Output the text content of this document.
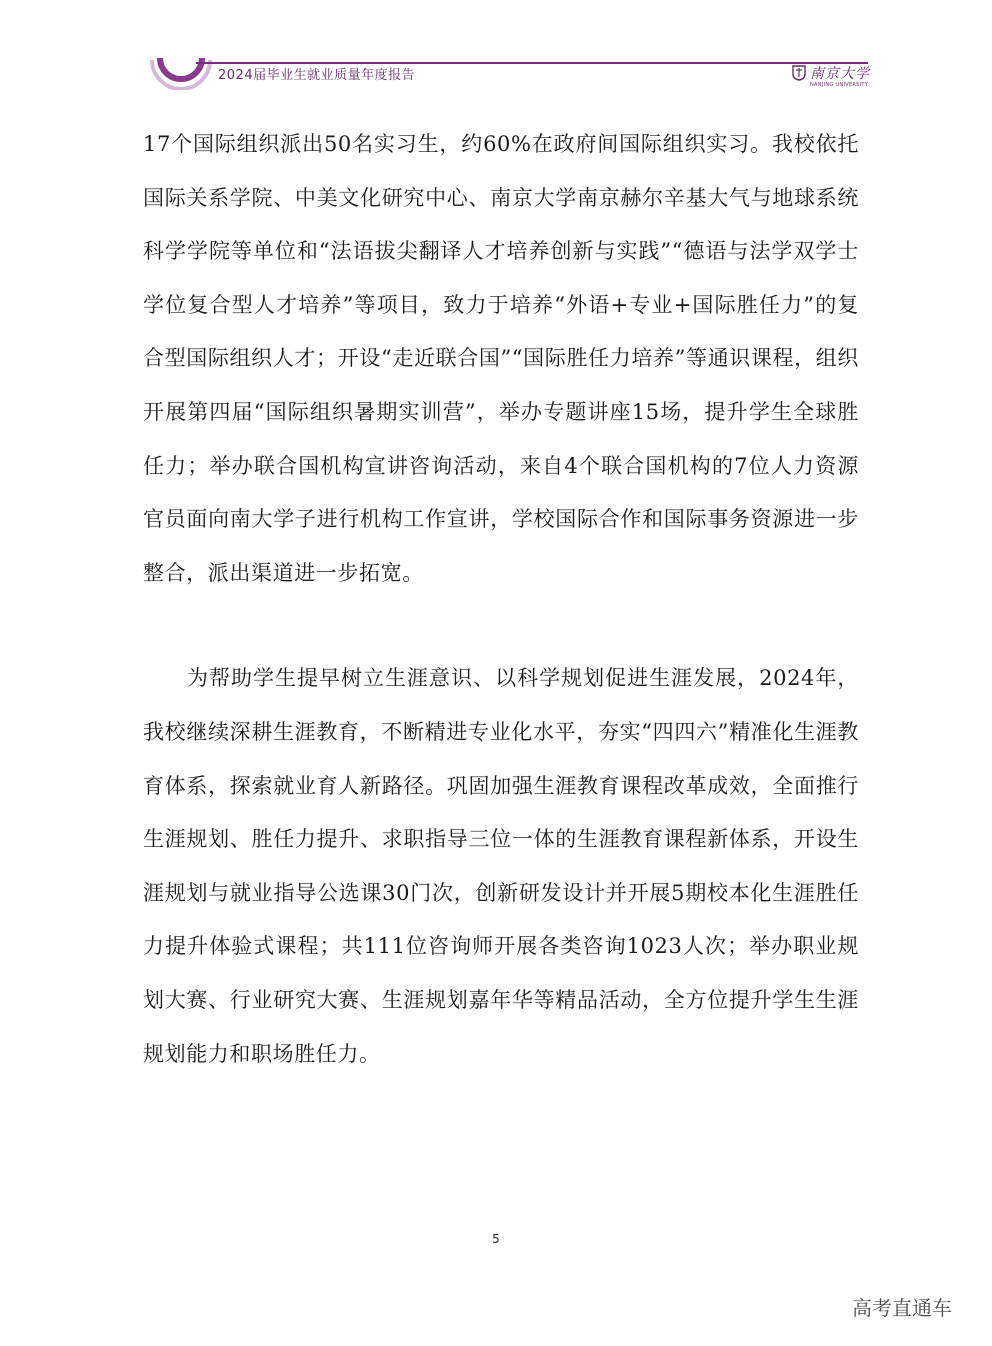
2024届毕业生就业质量年度报告	南京大学
NANJING UNIVERSITY

17个国际组织派出50名实习生，约60%在政府间国际组织实习。我校依托国际关系学院、中美文化研究中心、南京大学南京赫尔辛基大气与地球系统科学学院等单位和“法语拔尖翻译人才培养创新与实践”“德语与法学双学士学位复合型人才培养”等项目，致力于培养“外语+专业+国际胜任力”的复合型国际组织人才；开设“走近联合国”“国际胜任力培养”等通识课程，组织开展第四届“国际组织暑期实训营”，举办专题讲座15场，提升学生全球胜任力；举办联合国机构宣讲咨询活动，来自4个联合国机构的7位人力资源官员面向南大学子进行机构工作宣讲，学校国际合作和国际事务资源进一步整合，派出渠道进一步拓宽。

为帮助学生提早树立生涯意识、以科学规划促进生涯发展，2024年，我校继续深耕生涯教育，不断精进专业化水平，夯实“四四六”精准化生涯教育体系，探索就业育人新路径。巩固加强生涯教育课程改革成效，全面推行生涯规划、胜任力提升、求职指导三位一体的生涯教育课程新体系，开设生涯规划与就业指导公选课30门次，创新研发设计并开展5期校本化生涯胜任力提升体验式课程；共111位咨询师开展各类咨询1023人次；举办职业规划大赛、行业研究大赛、生涯规划嘉年华等精品活动，全方位提升学生生涯规划能力和职场胜任力。

5
高考直通车
